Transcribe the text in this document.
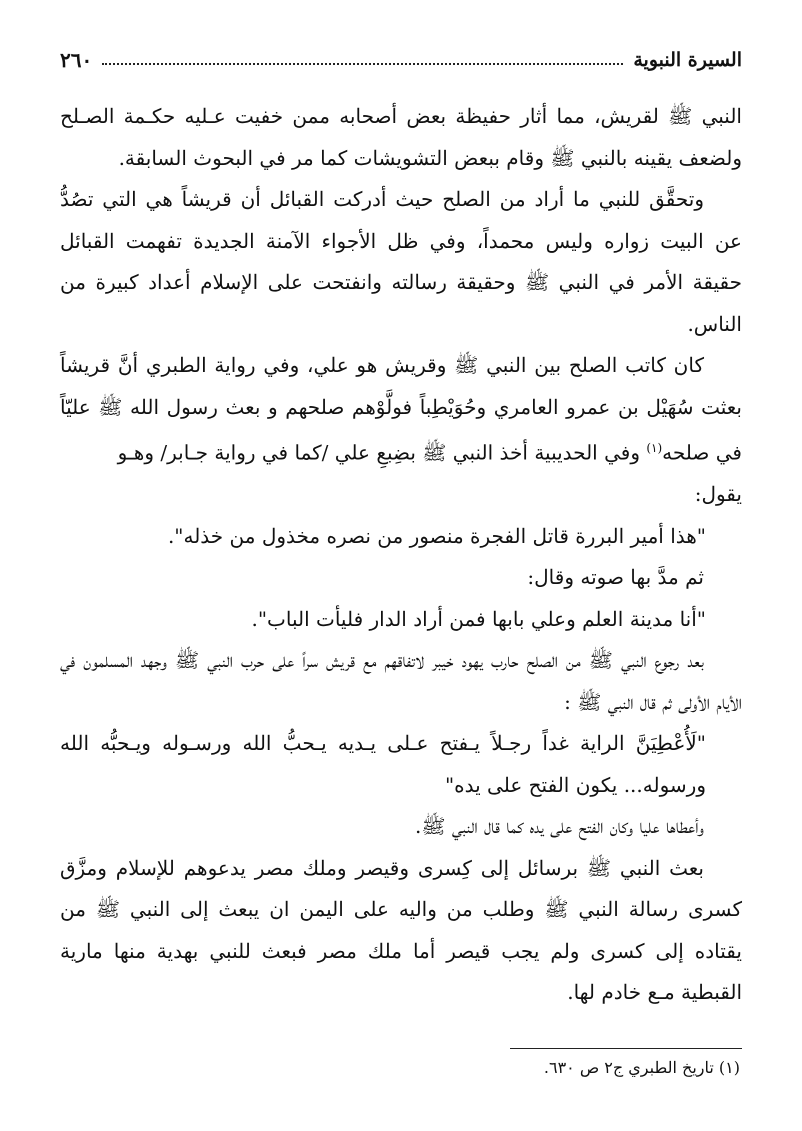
السيرة النبوية
٢٦٠

النبي ﷺ لقريش، مما أثار حفيظة بعض أصحابه ممن خفيت عـليه حكـمة الصـلح ولضعف يقينه بالنبي ﷺ وقام ببعض التشويشات كما مر في البحوث السابقة.

وتحقَّق للنبي ما أراد من الصلح حيث أدركت القبائل أن قريشاً هي التي تصُدُّ عن البيت زواره وليس محمداً، وفي ظل الأجواء الآمنة الجديدة تفهمت القبائل حقيقة الأمر في النبي ﷺ وحقيقة رسالته وانفتحت على الإسلام أعداد كبيرة من الناس.

كان كاتب الصلح بين النبي ﷺ وقريش هو علي، وفي رواية الطبري أنَّ قريشاً بعثت سُهَيْل بن عمرو العامري وحُوَيْطِباً فولَّوْهم صلحهم و بعث رسول الله ﷺ عليّاً في صلحه$^{(١)}$ وفي الحديبية أخذ النبي ﷺ بضِبعِ علي /كما في رواية جـابر/ وهـو

يقول:

"هذا أمير البررة قاتل الفجرة منصور من نصره مخذول من خذله".

ثم مدَّ بها صوته وقال:

"أنا مدينة العلم وعلي بابها فمن أراد الدار فليأت الباب".

بعد رجوع النبي ﷺ من الصلح حارب يهود خيبر لاتفاقهم مع قريش سراً على حرب النبي ﷺ وجهد المسلمون في الأيام الأولى ثم قال النبي ﷺ :

"لَأُعْطِيَنَّ الراية غداً رجـلاً يـفتح عـلى يـديه يـحبُّ الله ورسـوله ويـحبُّه الله ورسوله... يكون الفتح على يده"

وأعطاها عليا وكان الفتح على يده كما قال النبي ﷺ.

بعث النبي ﷺ برسائل إلى كِسرى وقيصر وملك مصر يدعوهم للإسلام ومزَّق كسرى رسالة النبي ﷺ وطلب من واليه على اليمن ان يبعث إلى النبي ﷺ من يقتاده إلى كسرى ولم يجب قيصر أما ملك مصر فبعث للنبي بهدية منها مارية القبطية مـع خادم لها.

(١) تاريخ الطبري ج٢ ص ٦٣٠.
